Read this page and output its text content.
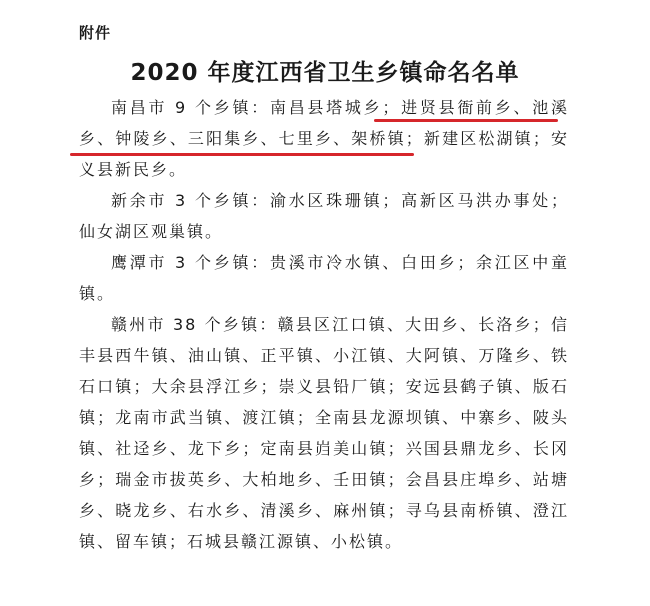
附件
2020 年度江西省卫生乡镇命名名单

南昌市 9 个乡镇：南昌县塔城乡；进贤县衙前乡、池溪乡、钟陵乡、三阳集乡、七里乡、架桥镇；新建区松湖镇；安义县新民乡。

新余市 3 个乡镇：渝水区珠珊镇；高新区马洪办事处；仙女湖区观巢镇。

鹰潭市 3 个乡镇：贵溪市冷水镇、白田乡；余江区中童镇。

赣州市 38 个乡镇：赣县区江口镇、大田乡、长洛乡；信丰县西牛镇、油山镇、正平镇、小江镇、大阿镇、万隆乡、铁石口镇；大余县浮江乡；崇义县铅厂镇；安远县鹤子镇、版石镇；龙南市武当镇、渡江镇；全南县龙源坝镇、中寨乡、陂头镇、社迳乡、龙下乡；定南县岿美山镇；兴国县鼎龙乡、长冈乡；瑞金市拔英乡、大柏地乡、壬田镇；会昌县庄埠乡、站塘乡、晓龙乡、右水乡、清溪乡、麻州镇；寻乌县南桥镇、澄江镇、留车镇；石城县赣江源镇、小松镇。
